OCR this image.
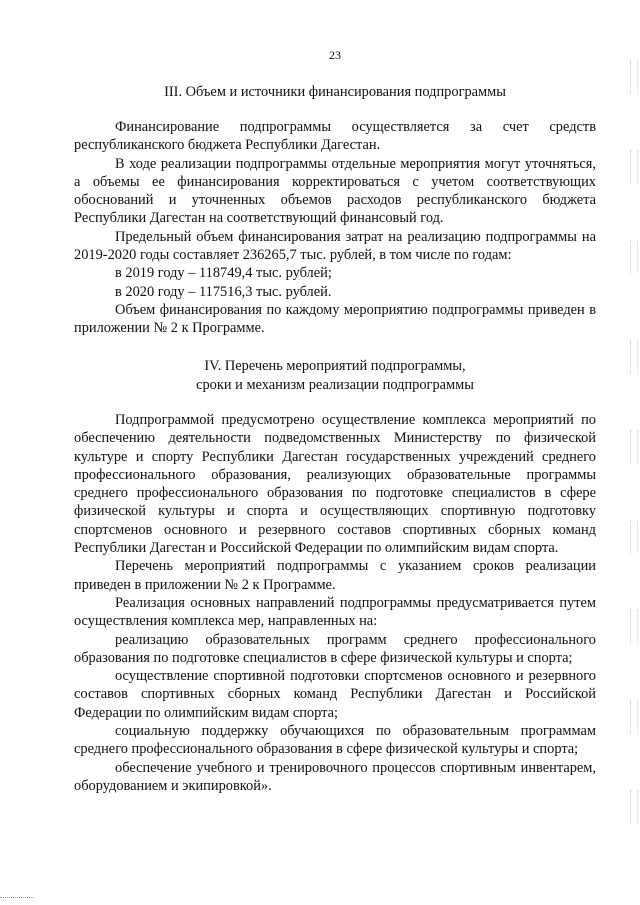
23
III. Объем и источники финансирования подпрограммы

Финансирование подпрограммы осуществляется за счет средств республиканского бюджета Республики Дагестан.

В ходе реализации подпрограммы отдельные мероприятия могут уточняться, а объемы ее финансирования корректироваться с учетом соответствующих обоснований и уточненных объемов расходов республиканского бюджета Республики Дагестан на соответствующий финансовый год.

Предельный объем финансирования затрат на реализацию подпрограммы на 2019-2020 годы составляет 236265,7 тыс. рублей, в том числе по годам:

в 2019 году – 118749,4 тыс. рублей;

в 2020 году – 117516,3 тыс. рублей.

Объем финансирования по каждому мероприятию подпрограммы приведен в приложении № 2 к Программе.

IV. Перечень мероприятий подпрограммы,
сроки и механизм реализации подпрограммы

Подпрограммой предусмотрено осуществление комплекса мероприятий по обеспечению деятельности подведомственных Министерству по физической культуре и спорту Республики Дагестан государственных учреждений среднего профессионального образования, реализующих образовательные программы среднего профессионального образования по подготовке специалистов в сфере физической культуры и спорта и осуществляющих спортивную подготовку спортсменов основного и резервного составов спортивных сборных команд Республики Дагестан и Российской Федерации по олимпийским видам спорта.

Перечень мероприятий подпрограммы с указанием сроков реализации приведен в приложении № 2 к Программе.

Реализация основных направлений подпрограммы предусматривается путем осуществления комплекса мер, направленных на:

реализацию образовательных программ среднего профессионального образования по подготовке специалистов в сфере физической культуры и спорта;

осуществление спортивной подготовки спортсменов основного и резервного составов спортивных сборных команд Республики Дагестан и Российской Федерации по олимпийским видам спорта;

социальную поддержку обучающихся по образовательным программам среднего профессионального образования в сфере физической культуры и спорта;

обеспечение учебного и тренировочного процессов спортивным инвентарем, оборудованием и экипировкой».
